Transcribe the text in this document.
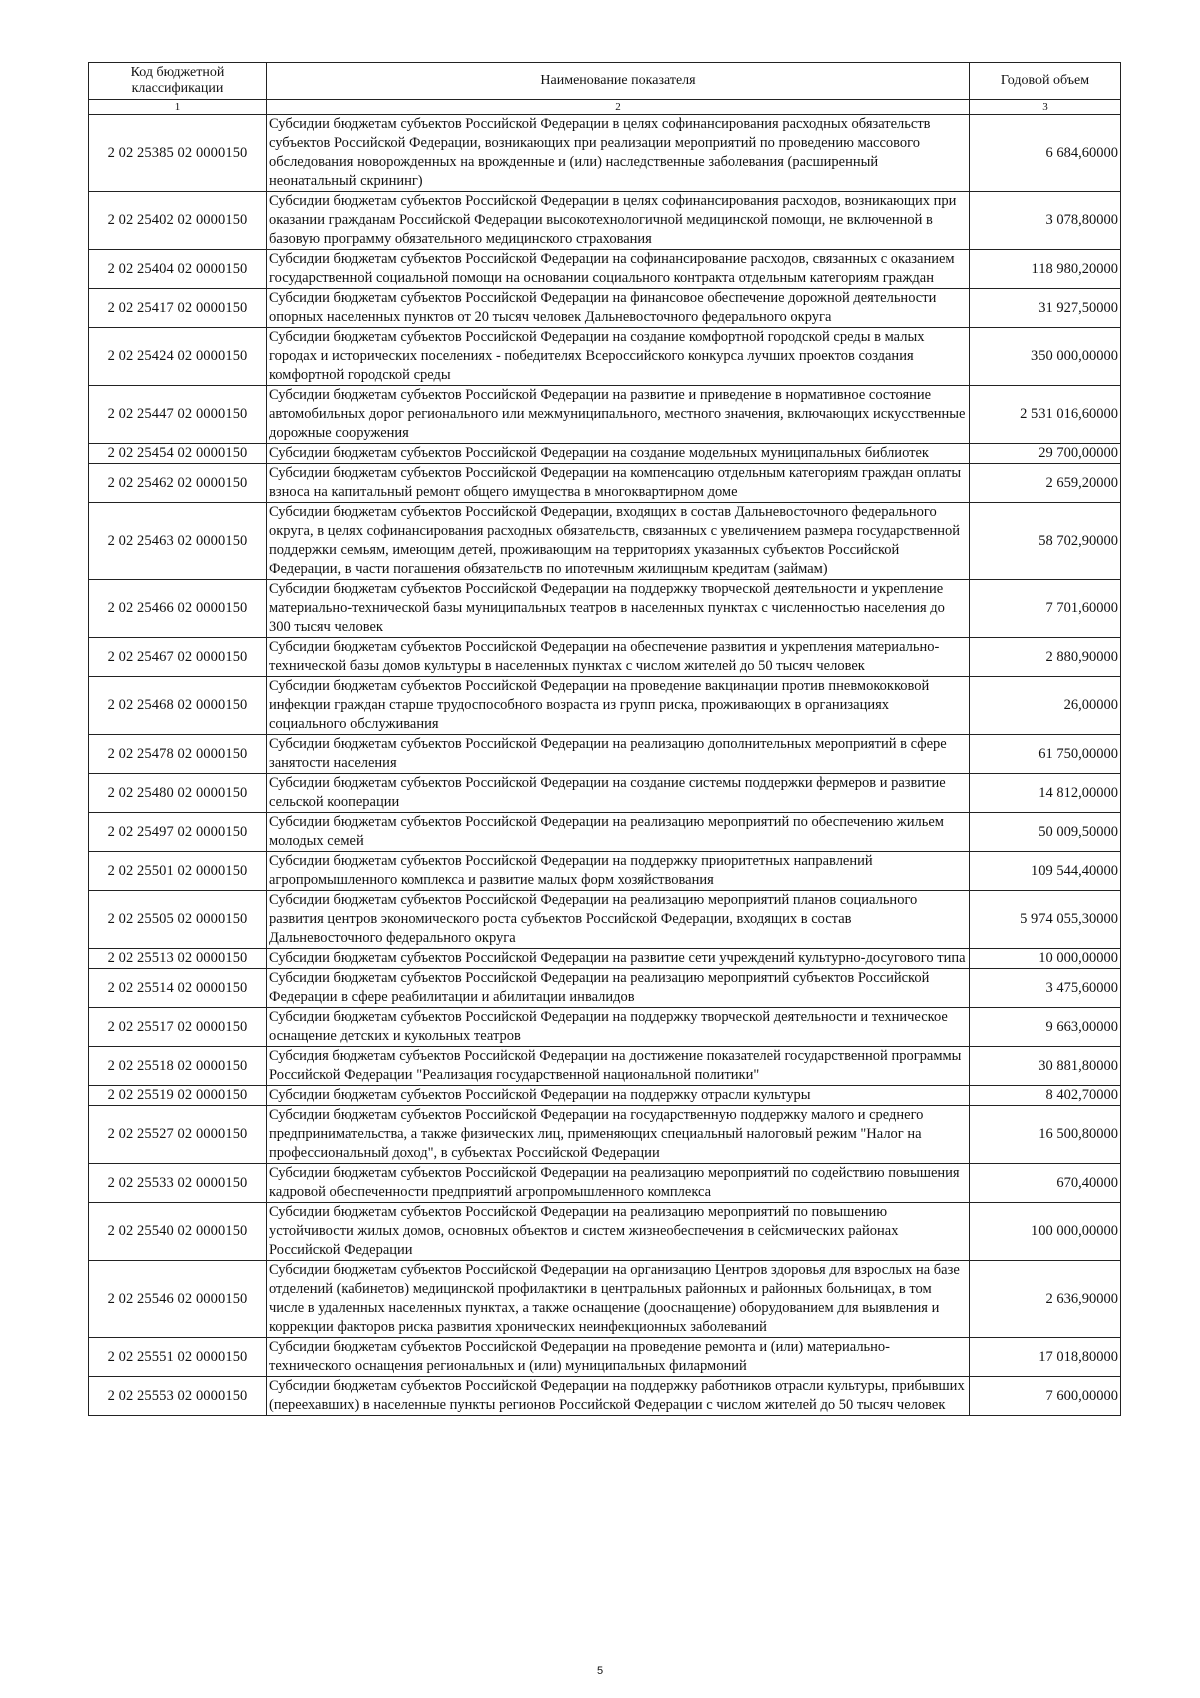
Код бюджетной классификации	Наименование показателя	Годовой объем
1	2	3
2 02 25385 02 0000150	Субсидии бюджетам субъектов Российской Федерации в целях софинансирования расходных обязательств субъектов Российской Федерации, возникающих при реализации мероприятий по проведению массового обследования новорожденных на врожденные и (или) наследственные заболевания (расширенный неонатальный скрининг)	6 684,60000
2 02 25402 02 0000150	Субсидии бюджетам субъектов Российской Федерации в целях софинансирования расходов, возникающих при оказании гражданам Российской Федерации высокотехнологичной медицинской помощи, не включенной в базовую программу обязательного медицинского страхования	3 078,80000
2 02 25404 02 0000150	Субсидии бюджетам субъектов Российской Федерации на софинансирование расходов, связанных с оказанием государственной социальной помощи на основании социального контракта отдельным категориям граждан	118 980,20000
2 02 25417 02 0000150	Субсидии бюджетам субъектов Российской Федерации на финансовое обеспечение дорожной деятельности опорных населенных пунктов от 20 тысяч человек Дальневосточного федерального округа	31 927,50000
2 02 25424 02 0000150	Субсидии бюджетам субъектов Российской Федерации на создание комфортной городской среды в малых городах и исторических поселениях - победителях Всероссийского конкурса лучших проектов создания комфортной городской среды	350 000,00000
2 02 25447 02 0000150	Субсидии бюджетам субъектов Российской Федерации на развитие и приведение в нормативное состояние автомобильных дорог регионального или межмуниципального, местного значения, включающих искусственные дорожные сооружения	2 531 016,60000
2 02 25454 02 0000150	Субсидии бюджетам субъектов Российской Федерации на создание модельных муниципальных библиотек	29 700,00000
2 02 25462 02 0000150	Субсидии бюджетам субъектов Российской Федерации на компенсацию отдельным категориям граждан оплаты взноса на капитальный ремонт общего имущества в многоквартирном доме	2 659,20000
2 02 25463 02 0000150	Субсидии бюджетам субъектов Российской Федерации, входящих в состав Дальневосточного федерального округа, в целях софинансирования расходных обязательств, связанных с увеличением размера государственной поддержки семьям, имеющим детей, проживающим на территориях указанных субъектов Российской Федерации, в части погашения обязательств по ипотечным жилищным кредитам (займам)	58 702,90000
2 02 25466 02 0000150	Субсидии бюджетам субъектов Российской Федерации на поддержку творческой деятельности и укрепление материально-технической базы муниципальных театров в населенных пунктах с численностью населения до 300 тысяч человек	7 701,60000
2 02 25467 02 0000150	Субсидии бюджетам субъектов Российской Федерации на обеспечение развития и укрепления материально-технической базы домов культуры в населенных пунктах с числом жителей до 50 тысяч человек	2 880,90000
2 02 25468 02 0000150	Субсидии бюджетам субъектов Российской Федерации на проведение вакцинации против пневмококковой инфекции граждан старше трудоспособного возраста из групп риска, проживающих в организациях социального обслуживания	26,00000
2 02 25478 02 0000150	Субсидии бюджетам субъектов Российской Федерации на реализацию дополнительных мероприятий в сфере занятости населения	61 750,00000
2 02 25480 02 0000150	Субсидии бюджетам субъектов Российской Федерации на создание системы поддержки фермеров и развитие сельской кооперации	14 812,00000
2 02 25497 02 0000150	Субсидии бюджетам субъектов Российской Федерации на реализацию мероприятий по обеспечению жильем молодых семей	50 009,50000
2 02 25501 02 0000150	Субсидии бюджетам субъектов Российской Федерации на поддержку приоритетных направлений агропромышленного комплекса и развитие малых форм хозяйствования	109 544,40000
2 02 25505 02 0000150	Субсидии бюджетам субъектов Российской Федерации на реализацию мероприятий планов социального развития центров экономического роста субъектов Российской Федерации, входящих в состав Дальневосточного федерального округа	5 974 055,30000
2 02 25513 02 0000150	Субсидии бюджетам субъектов Российской Федерации на развитие сети учреждений культурно-досугового типа	10 000,00000
2 02 25514 02 0000150	Субсидии бюджетам субъектов Российской Федерации на реализацию мероприятий субъектов Российской Федерации в сфере реабилитации и абилитации инвалидов	3 475,60000
2 02 25517 02 0000150	Субсидии бюджетам субъектов Российской Федерации на поддержку творческой деятельности и техническое оснащение детских и кукольных театров	9 663,00000
2 02 25518 02 0000150	Субсидия бюджетам субъектов Российской Федерации на достижение показателей государственной программы Российской Федерации "Реализация государственной национальной политики"	30 881,80000
2 02 25519 02 0000150	Субсидии бюджетам субъектов Российской Федерации на поддержку отрасли культуры	8 402,70000
2 02 25527 02 0000150	Субсидии бюджетам субъектов Российской Федерации на государственную поддержку малого и среднего предпринимательства, а также физических лиц, применяющих специальный налоговый режим "Налог на профессиональный доход", в субъектах Российской Федерации	16 500,80000
2 02 25533 02 0000150	Субсидии бюджетам субъектов Российской Федерации на реализацию мероприятий по содействию повышения кадровой обеспеченности предприятий агропромышленного комплекса	670,40000
2 02 25540 02 0000150	Субсидии бюджетам субъектов Российской Федерации на реализацию мероприятий по повышению устойчивости жилых домов, основных объектов и систем жизнеобеспечения в сейсмических районах Российской Федерации	100 000,00000
2 02 25546 02 0000150	Субсидии бюджетам субъектов Российской Федерации на организацию Центров здоровья для взрослых на базе отделений (кабинетов) медицинской профилактики в центральных районных и районных больницах, в том числе в удаленных населенных пунктах, а также оснащение (дооснащение) оборудованием для выявления и коррекции факторов риска развития хронических неинфекционных заболеваний	2 636,90000
2 02 25551 02 0000150	Субсидии бюджетам субъектов Российской Федерации на проведение ремонта и (или) материально-технического оснащения региональных и (или) муниципальных филармоний	17 018,80000
2 02 25553 02 0000150	Субсидии бюджетам субъектов Российской Федерации на поддержку работников отрасли культуры, прибывших (переехавших) в населенные пункты регионов Российской Федерации с числом жителей до 50 тысяч человек	7 600,00000
5
